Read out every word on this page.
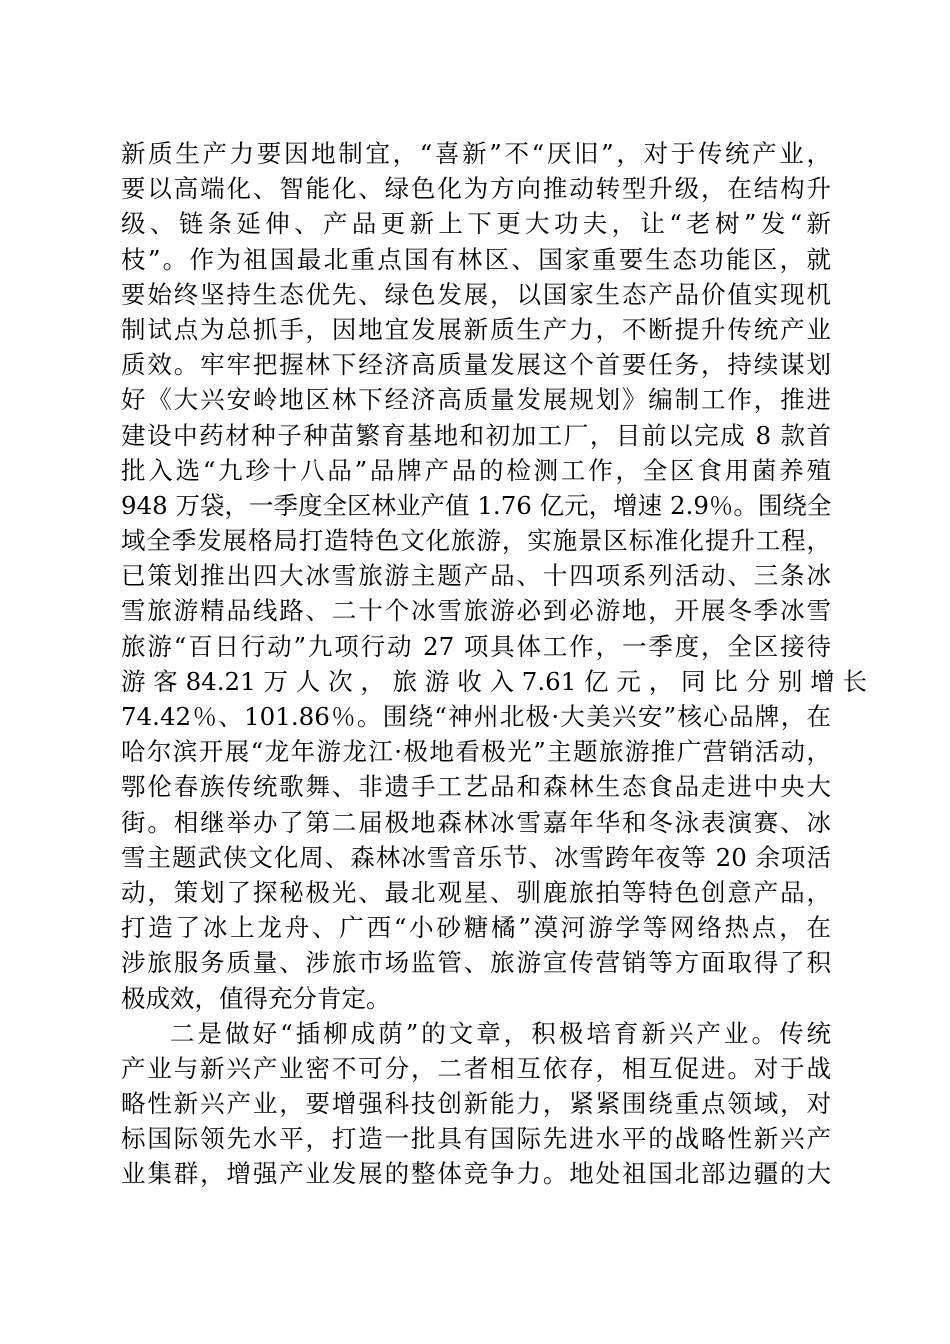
新质生产力要因地制宜，“喜新”不“厌旧”，对于传统产业，
要以高端化、智能化、绿色化为方向推动转型升级，在结构升
级、链条延伸、产品更新上下更大功夫，让“老树”发“新
枝”。作为祖国最北重点国有林区、国家重要生态功能区，就
要始终坚持生态优先、绿色发展，以国家生态产品价值实现机
制试点为总抓手，因地宜发展新质生产力，不断提升传统产业
质效。牢牢把握林下经济高质量发展这个首要任务，持续谋划
好《大兴安岭地区林下经济高质量发展规划》编制工作，推进
建设中药材种子种苗繁育基地和初加工厂，目前以完成 8 款首
批入选“九珍十八品”品牌产品的检测工作，全区食用菌养殖
948 万袋，一季度全区林业产值 1.76 亿元，增速 2.9％。围绕全
域全季发展格局打造特色文化旅游，实施景区标准化提升工程，
已策划推出四大冰雪旅游主题产品、十四项系列活动、三条冰
雪旅游精品线路、二十个冰雪旅游必到必游地，开展冬季冰雪
旅游“百日行动”九项行动 27 项具体工作，一季度，全区接待
游 客 84.21 万 人 次 ， 旅 游 收 入 7.61 亿 元 ， 同 比 分 别 增 长
74.42％、101.86％。围绕“神州北极·大美兴安”核心品牌，在
哈尔滨开展“龙年游龙江·极地看极光”主题旅游推广营销活动，
鄂伦春族传统歌舞、非遗手工艺品和森林生态食品走进中央大
街。相继举办了第二届极地森林冰雪嘉年华和冬泳表演赛、冰
雪主题武侠文化周、森林冰雪音乐节、冰雪跨年夜等 20 余项活
动，策划了探秘极光、最北观星、驯鹿旅拍等特色创意产品，
打造了冰上龙舟、广西“小砂糖橘”漠河游学等网络热点，在
涉旅服务质量、涉旅市场监管、旅游宣传营销等方面取得了积
极成效，值得充分肯定。
二是做好“插柳成荫”的文章，积极培育新兴产业。传统
产业与新兴产业密不可分，二者相互依存，相互促进。对于战
略性新兴产业，要增强科技创新能力，紧紧围绕重点领域，对
标国际领先水平，打造一批具有国际先进水平的战略性新兴产
业集群，增强产业发展的整体竞争力。地处祖国北部边疆的大
